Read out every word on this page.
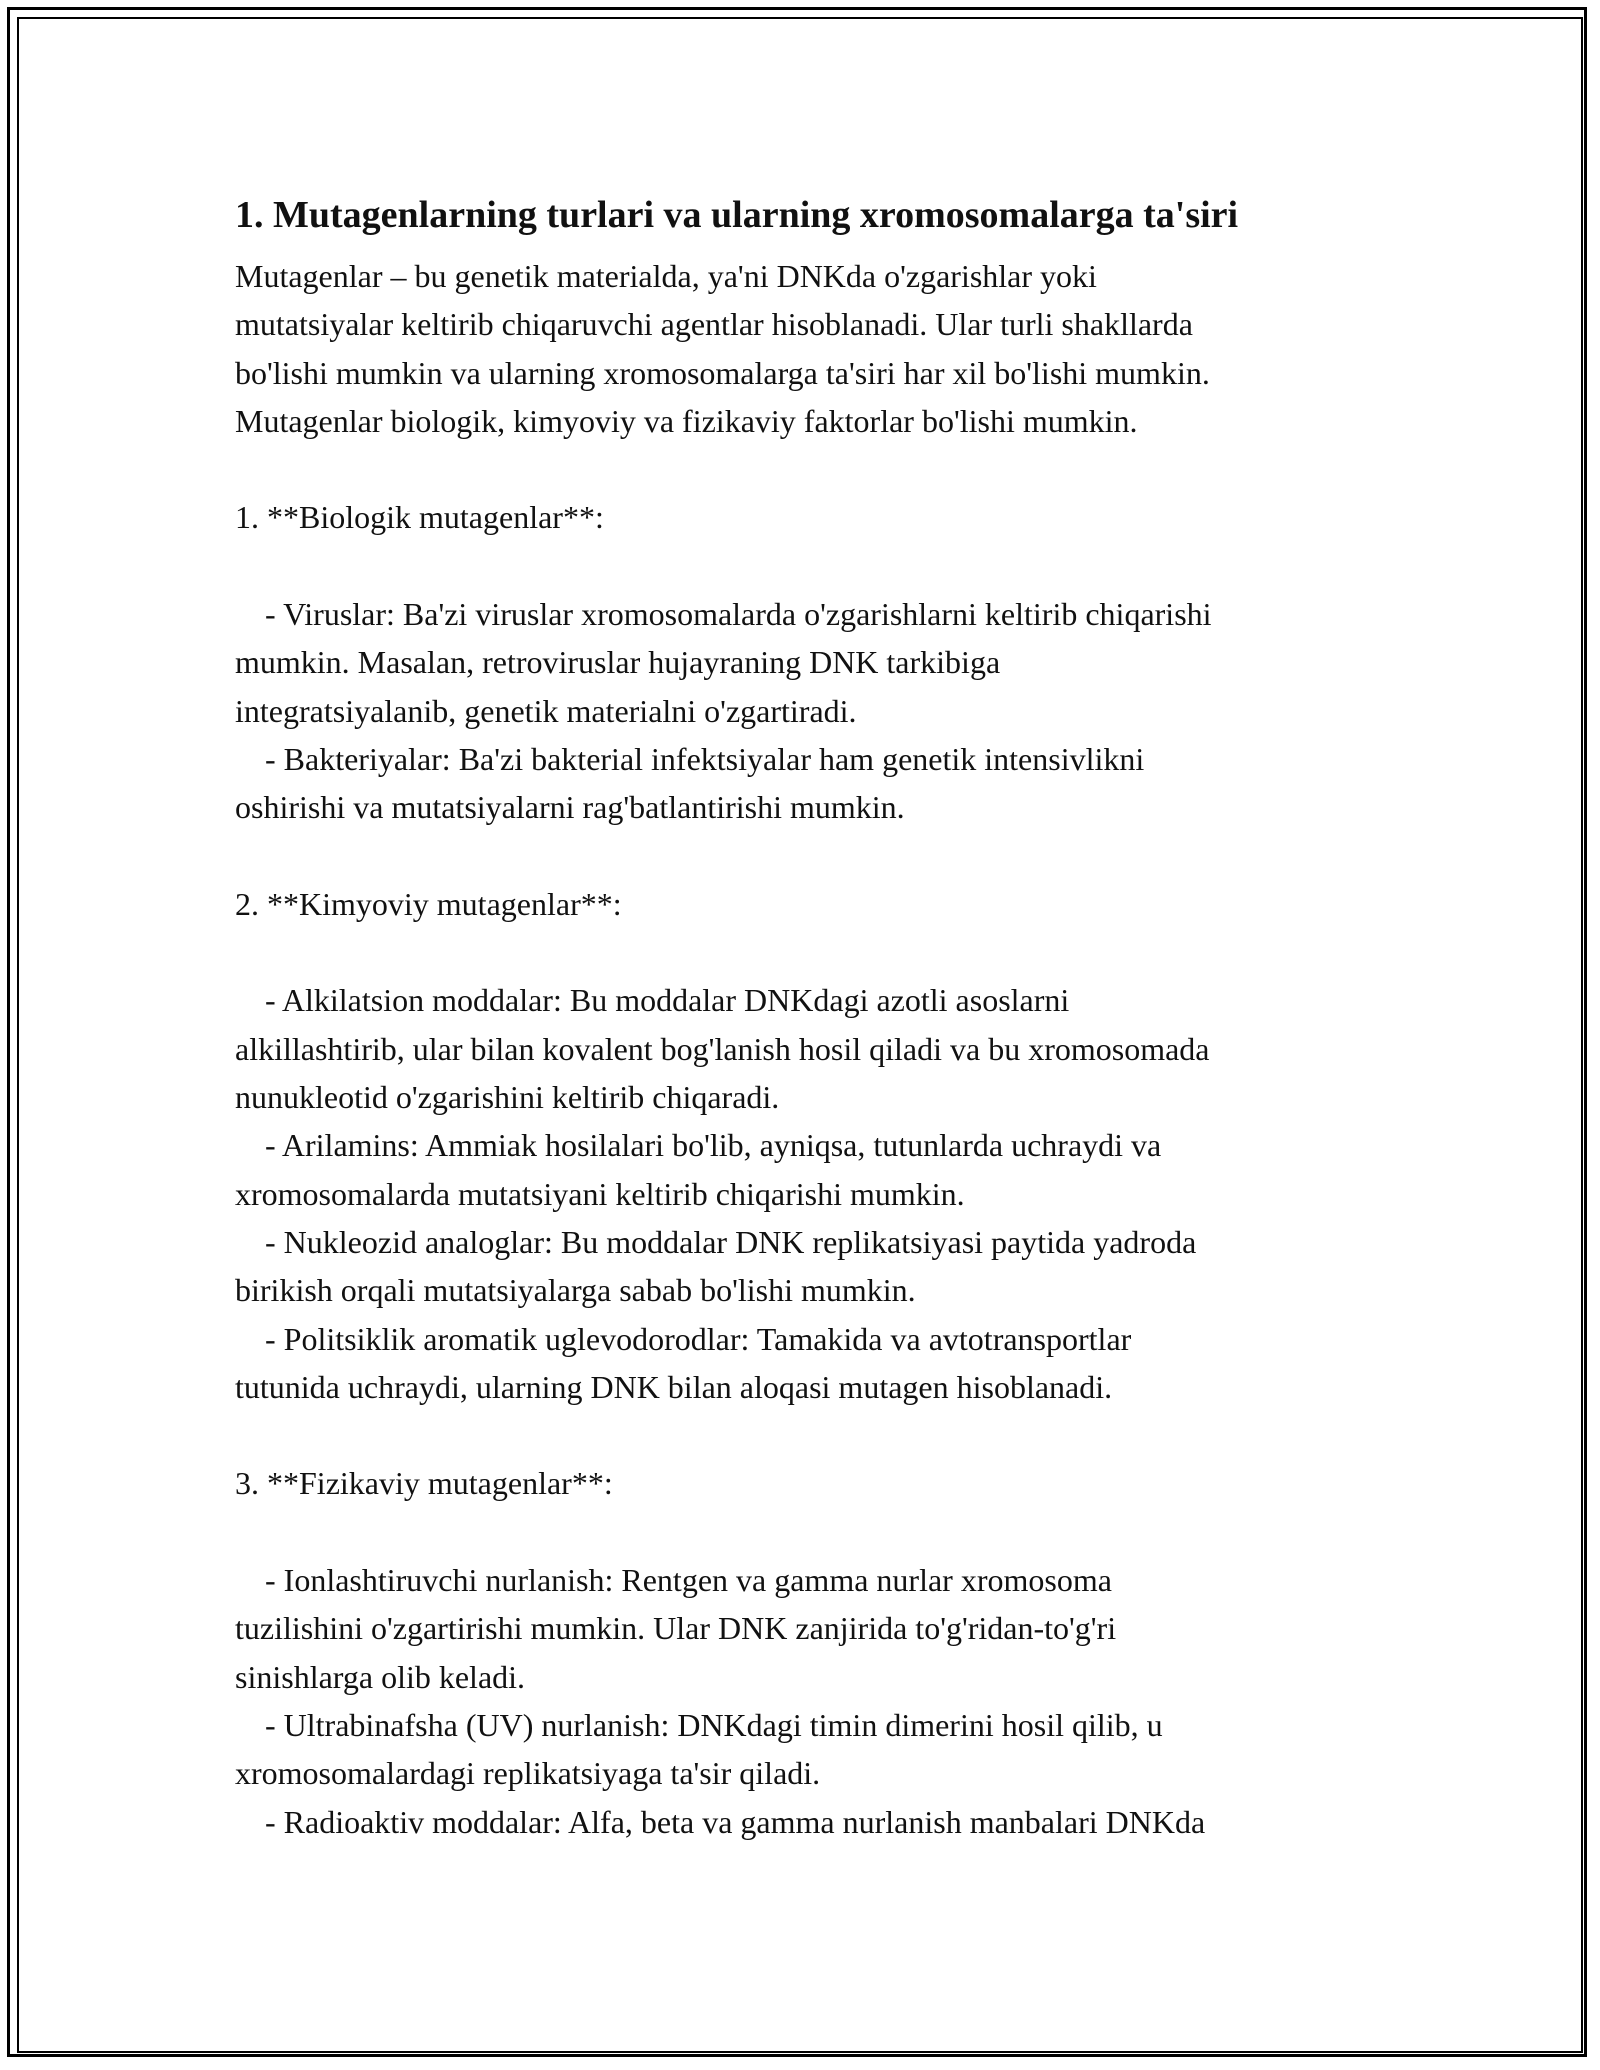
1. Mutagenlarning turlari va ularning xromosomalarga ta'siri

Mutagenlar – bu genetik materialda, ya'ni DNKda o'zgarishlar yoki

mutatsiyalar keltirib chiqaruvchi agentlar hisoblanadi. Ular turli shakllarda

bo'lishi mumkin va ularning xromosomalarga ta'siri har xil bo'lishi mumkin.

Mutagenlar biologik, kimyoviy va fizikaviy faktorlar bo'lishi mumkin.

1. **Biologik mutagenlar**:

- Viruslar: Ba'zi viruslar xromosomalarda o'zgarishlarni keltirib chiqarishi

mumkin. Masalan, retroviruslar hujayraning DNK tarkibiga

integratsiyalanib, genetik materialni o'zgartiradi.

- Bakteriyalar: Ba'zi bakterial infektsiyalar ham genetik intensivlikni

oshirishi va mutatsiyalarni rag'batlantirishi mumkin.

2. **Kimyoviy mutagenlar**:

- Alkilatsion moddalar: Bu moddalar DNKdagi azotli asoslarni

alkillashtirib, ular bilan kovalent bog'lanish hosil qiladi va bu xromosomada

nunukleotid o'zgarishini keltirib chiqaradi.

- Arilamins: Ammiak hosilalari bo'lib, ayniqsa, tutunlarda uchraydi va

xromosomalarda mutatsiyani keltirib chiqarishi mumkin.

- Nukleozid analoglar: Bu moddalar DNK replikatsiyasi paytida yadroda

birikish orqali mutatsiyalarga sabab bo'lishi mumkin.

- Politsiklik aromatik uglevodorodlar: Tamakida va avtotransportlar

tutunida uchraydi, ularning DNK bilan aloqasi mutagen hisoblanadi.

3. **Fizikaviy mutagenlar**:

- Ionlashtiruvchi nurlanish: Rentgen va gamma nurlar xromosoma

tuzilishini o'zgartirishi mumkin. Ular DNK zanjirida to'g'ridan-to'g'ri

sinishlarga olib keladi.

- Ultrabinafsha (UV) nurlanish: DNKdagi timin dimerini hosil qilib, u

xromosomalardagi replikatsiyaga ta'sir qiladi.

- Radioaktiv moddalar: Alfa, beta va gamma nurlanish manbalari DNKda
